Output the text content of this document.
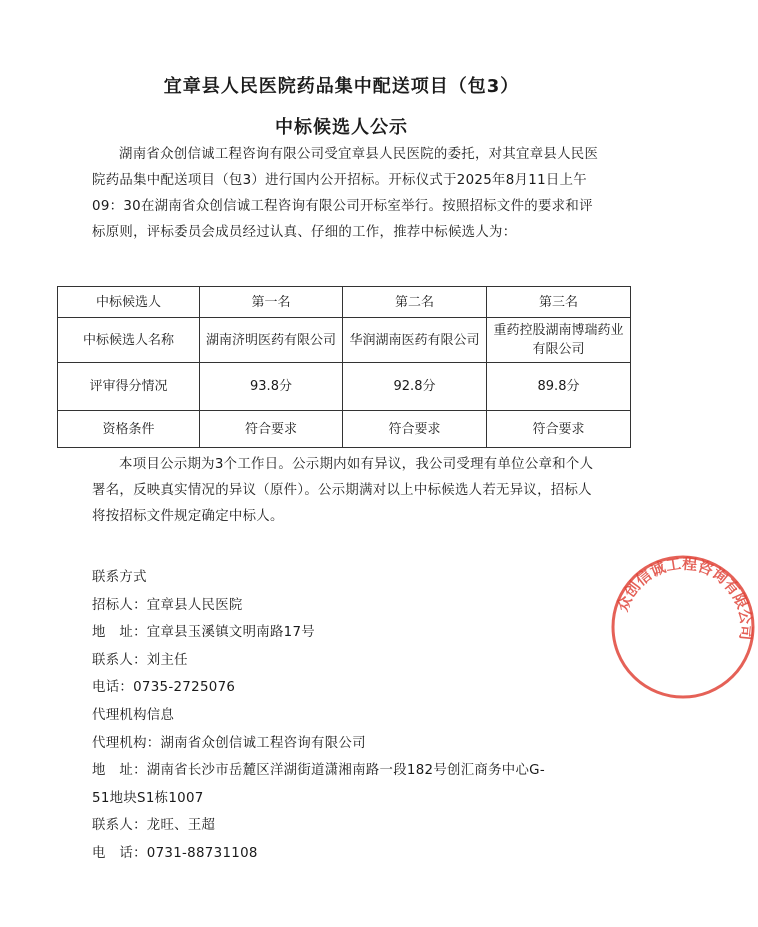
宜章县人民医院药品集中配送项目（包3）
中标候选人公示

湖南省众创信诚工程咨询有限公司受宜章县人民医院的委托，对其宜章县人民医院药品集中配送项目（包3）进行国内公开招标。开标仪式于2025年8月11日上午09：30在湖南省众创信诚工程咨询有限公司开标室举行。按照招标文件的要求和评标原则，评标委员会成员经过认真、仔细的工作，推荐中标候选人为：

中标候选人	第一名	第二名	第三名
中标候选人名称	湖南济明医药有限公司	华润湖南医药有限公司	重药控股湖南博瑞药业有限公司
评审得分情况	93.8分	92.8分	89.8分
资格条件	符合要求	符合要求	符合要求

本项目公示期为3个工作日。公示期内如有异议，我公司受理有单位公章和个人署名，反映真实情况的异议（原件）。公示期满对以上中标候选人若无异议，招标人将按招标文件规定确定中标人。

联系方式
招标人：宜章县人民医院
地　址：宜章县玉溪镇文明南路17号
联系人：刘主任
电话：0735-2725076
代理机构信息
代理机构：湖南省众创信诚工程咨询有限公司
地　址：湖南省长沙市岳麓区洋湖街道潇湘南路一段182号创汇商务中心G-
51地块S1栋1007
联系人：龙旺、王超
电　话：0731-88731108
众创信诚工程咨询有限公司
